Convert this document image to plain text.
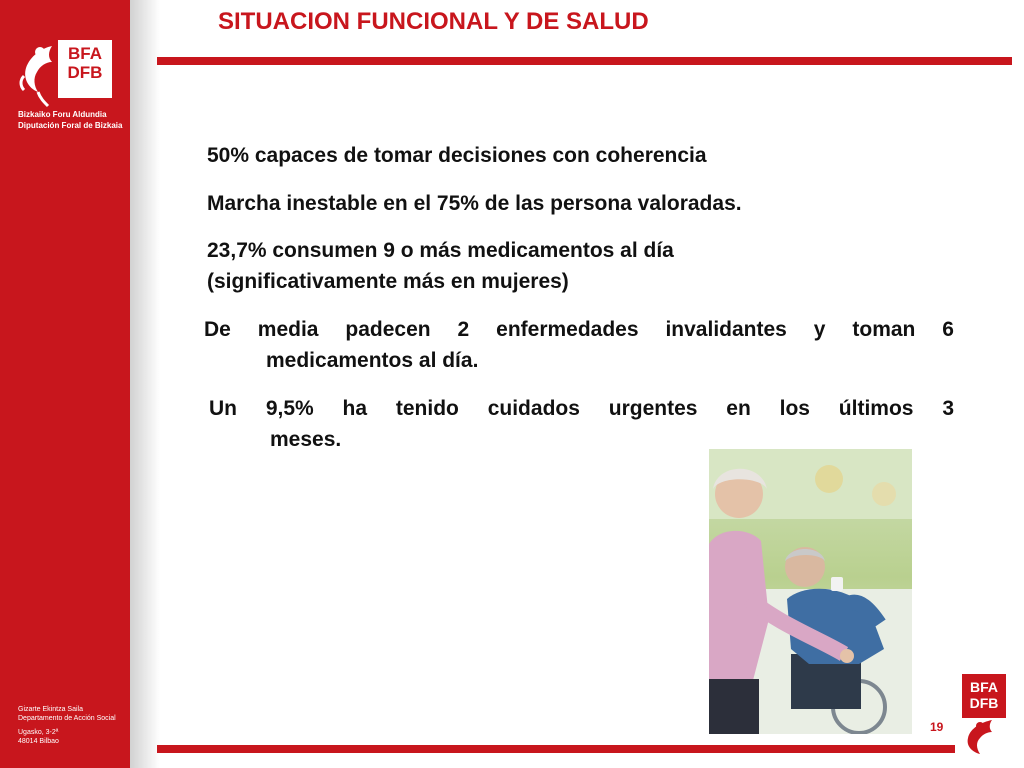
BFA
DFB
Bizkaiko Foru Aldundia
Diputación Foral de Bizkaia
Gizarte Ekintza Saila
Departamento de Acción Social
Ugasko, 3-2ª
48014 Bilbao
SITUACION FUNCIONAL Y DE SALUD
50% capaces de tomar decisiones con coherencia
Marcha inestable en el 75% de las persona valoradas.
23,7% consumen 9 o más medicamentos al día
(significativamente más en mujeres)
De media padecen 2 enfermedades invalidantes y toman 6
medicamentos al día.
Un 9,5% ha tenido cuidados urgentes en los últimos 3
meses.
19
BFA
DFB
